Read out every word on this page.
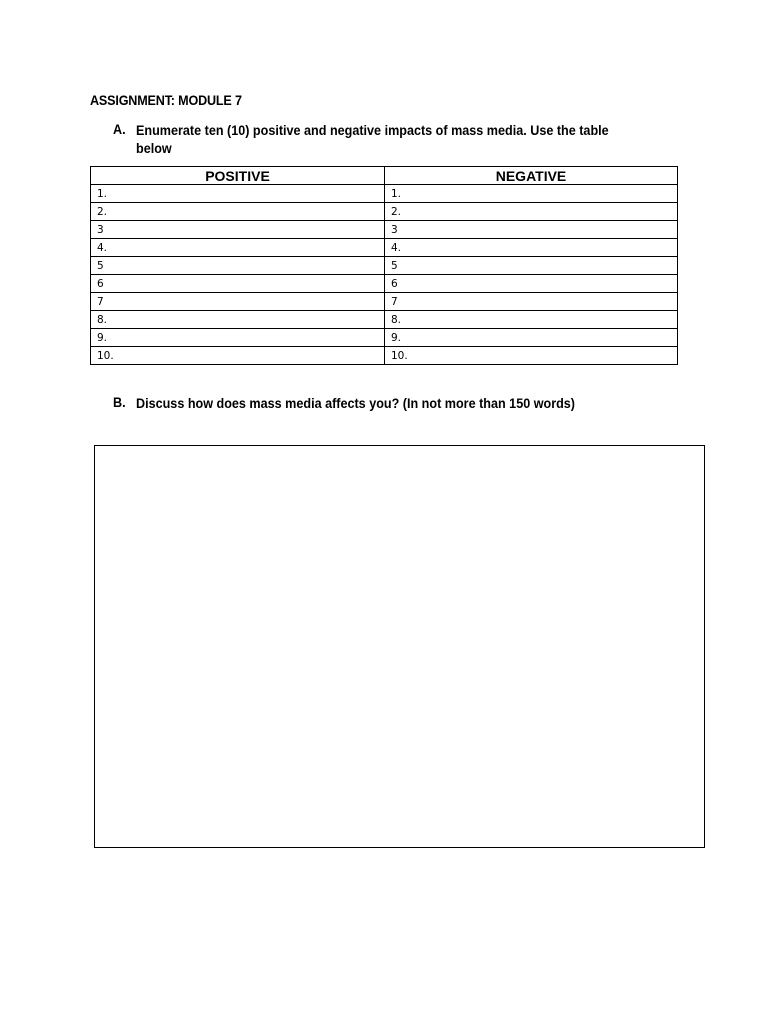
ASSIGNMENT: MODULE 7
A. Enumerate ten (10) positive and negative impacts of mass media. Use the table
below
POSITIVE	NEGATIVE
1.	1.
2.	2.
3	3
4.	4.
5	5
6	6
7	7
8.	8.
9.	9.
10.	10.
B. Discuss how does mass media affects you? (In not more than 150 words)
